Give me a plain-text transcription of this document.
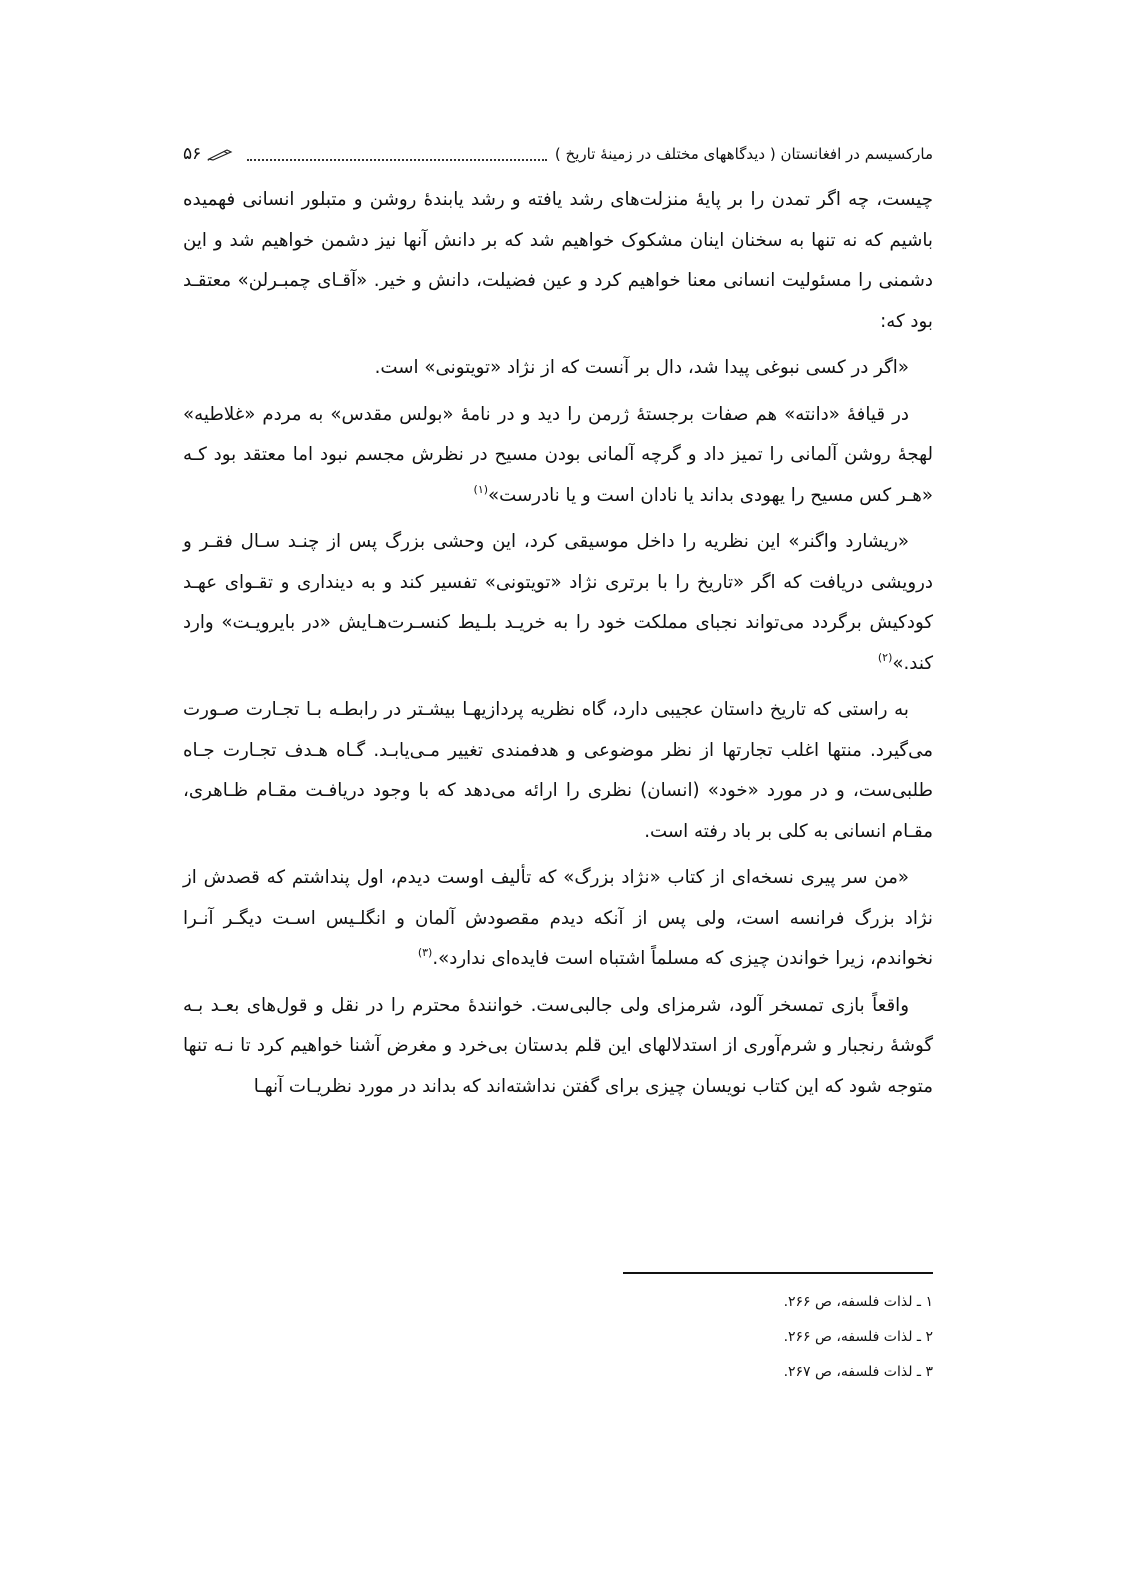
مارکسیسم در افغانستان ( دیدگاههای مختلف در زمینهٔ تاریخ )
۵۶

چیست، چه اگر تمدن را بر پایهٔ منزلت‌های رشد یافته و رشد یابندهٔ روشن و متبلور انسانی فهمیده باشیم که نه تنها به سخنان اینان مشکوک خواهیم شد که بر دانش آنها نیز دشمن خواهیم شد و این دشمنی را مسئولیت انسانی معنا خواهیم کرد و عین فضیلت، دانش و خیر. «آقـای چمبـرلن» معتقـد بود که:

«اگر در کسی نبوغی پیدا شد، دال بر آنست که از نژاد «تویتونی» است.

در قیافهٔ «دانته» هم صفات برجستهٔ ژرمن را دید و در نامهٔ «بولس مقدس» به مردم «غلاطیه» لهجهٔ روشن آلمانی را تمیز داد و گرچه آلمانی بودن مسیح در نظرش مجسم نبود اما معتقد بود کـه «هـر کس مسیح را یهودی بداند یا نادان است و یا نادرست»$^{(۱)}$

«ریشارد واگنر» این نظریه را داخل موسیقی کرد، این وحشی بزرگ پس از چنـد سـال فقـر و درویشی دریافت که اگر «تاریخ را با برتری نژاد «تویتونی» تفسیر کند و به دینداری و تقـوای عهـد کودکیش برگردد می‌تواند نجبای مملکت خود را به خریـد بلـیط کنسـرت‌هـایش «در بایرویـت» وارد کند.»$^{(۲)}$

به راستی که تاریخ داستان عجیبی دارد، گاه نظریه پردازیهـا بیشـتر در رابطـه بـا تجـارت صـورت می‌گیرد. منتها اغلب تجارتها از نظر موضوعی و هدفمندی تغییر مـی‌یابـد. گـاه هـدف تجـارت جـاه طلبی‌ست، و در مورد «خود» (انسان) نظری را ارائه می‌دهد که با وجود دریافـت مقـام ظـاهری، مقـام انسانی به کلی بر باد رفته است.

«من سر پیری نسخه‌ای از کتاب «نژاد بزرگ» که تألیف اوست دیدم، اول پنداشتم که قصدش از نژاد بزرگ فرانسه است، ولی پس از آنکه دیدم مقصودش آلمان و انگلـیس اسـت دیگـر آنـرا نخواندم، زیرا خواندن چیزی که مسلماً اشتباه است فایده‌ای ندارد».$^{(۳)}$

واقعاً بازی تمسخر آلود، شرمزای ولی جالبی‌ست. خوانندهٔ محترم را در نقل و قول‌های بعـد بـه گوشهٔ رنجبار و شرم‌آوری از استدلالهای این قلم بدستان بی‌خرد و مغرض آشنا خواهیم کرد تا نـه تنها متوجه شود که این کتاب نویسان چیزی برای گفتن نداشته‌اند که بداند در مورد نظریـات آنهـا

۱ ـ لذات فلسفه، ص ۲۶۶.
۲ ـ لذات فلسفه، ص ۲۶۶.
۳ ـ لذات فلسفه، ص ۲۶۷.
